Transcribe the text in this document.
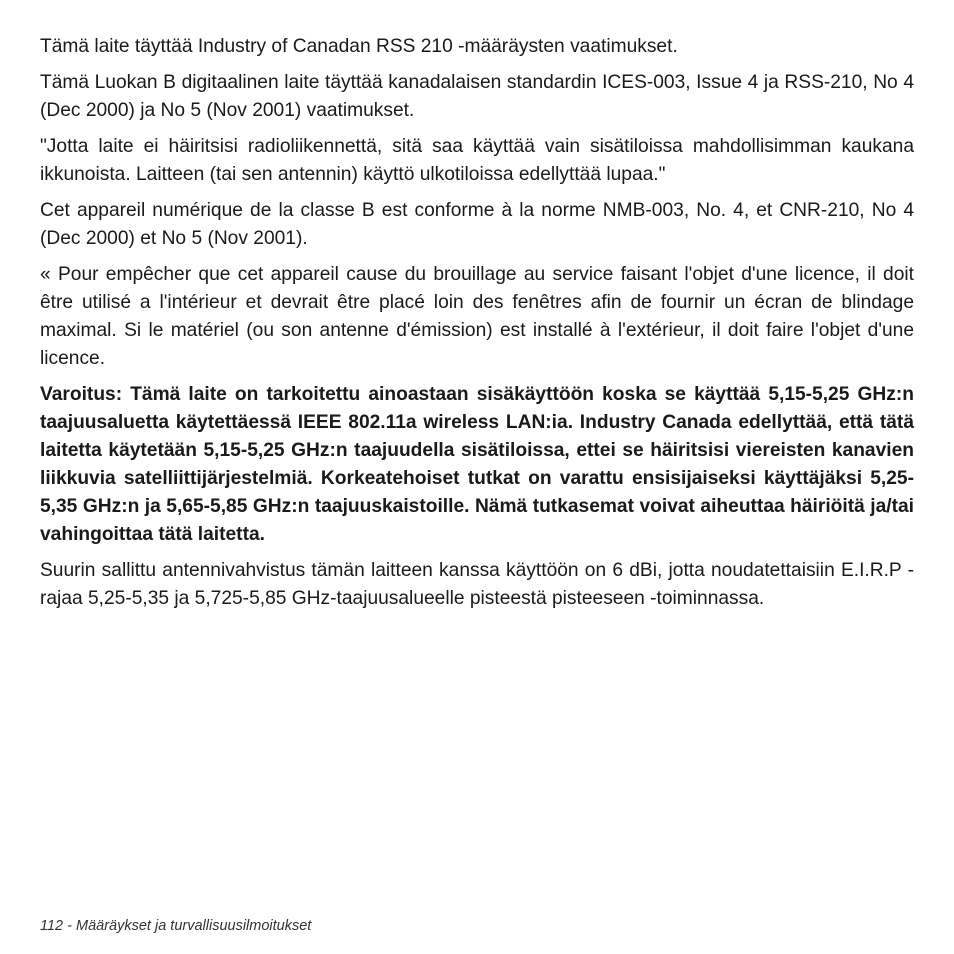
Tämä laite täyttää Industry of Canadan RSS 210 -määräysten vaatimukset.

Tämä Luokan B digitaalinen laite täyttää kanadalaisen standardin ICES-003, Issue 4 ja RSS-210, No 4 (Dec 2000) ja No 5 (Nov 2001) vaatimukset.

"Jotta laite ei häiritsisi radioliikennettä, sitä saa käyttää vain sisätiloissa mahdollisimman kaukana ikkunoista. Laitteen (tai sen antennin) käyttö ulkotiloissa edellyttää lupaa."

Cet appareil numérique de la classe B est conforme à la norme NMB-003, No. 4, et CNR-210, No 4 (Dec 2000) et No 5 (Nov 2001).

« Pour empêcher que cet appareil cause du brouillage au service faisant l'objet d'une licence, il doit être utilisé a l'intérieur et devrait être placé loin des fenêtres afin de fournir un écran de blindage maximal. Si le matériel (ou son antenne d'émission) est installé à l'extérieur, il doit faire l'objet d'une licence.

Varoitus: Tämä laite on tarkoitettu ainoastaan sisäkäyttöön koska se käyttää 5,15-5,25 GHz:n taajuusaluetta käytettäessä IEEE 802.11a wireless LAN:ia. Industry Canada edellyttää, että tätä laitetta käytetään 5,15-5,25 GHz:n taajuudella sisätiloissa, ettei se häiritsisi viereisten kanavien liikkuvia satelliittijärjestelmiä. Korkeatehoiset tutkat on varattu ensisijaiseksi käyttäjäksi 5,25-5,35 GHz:n ja 5,65-5,85 GHz:n taajuuskaistoille. Nämä tutkasemat voivat aiheuttaa häiriöitä ja/tai vahingoittaa tätä laitetta.

Suurin sallittu antennivahvistus tämän laitteen kanssa käyttöön on 6 dBi, jotta noudatettaisiin E.I.R.P -rajaa 5,25-5,35 ja 5,725-5,85 GHz-taajuusalueelle pisteestä pisteeseen -toiminnassa.

112 - Määräykset ja turvallisuusilmoitukset
